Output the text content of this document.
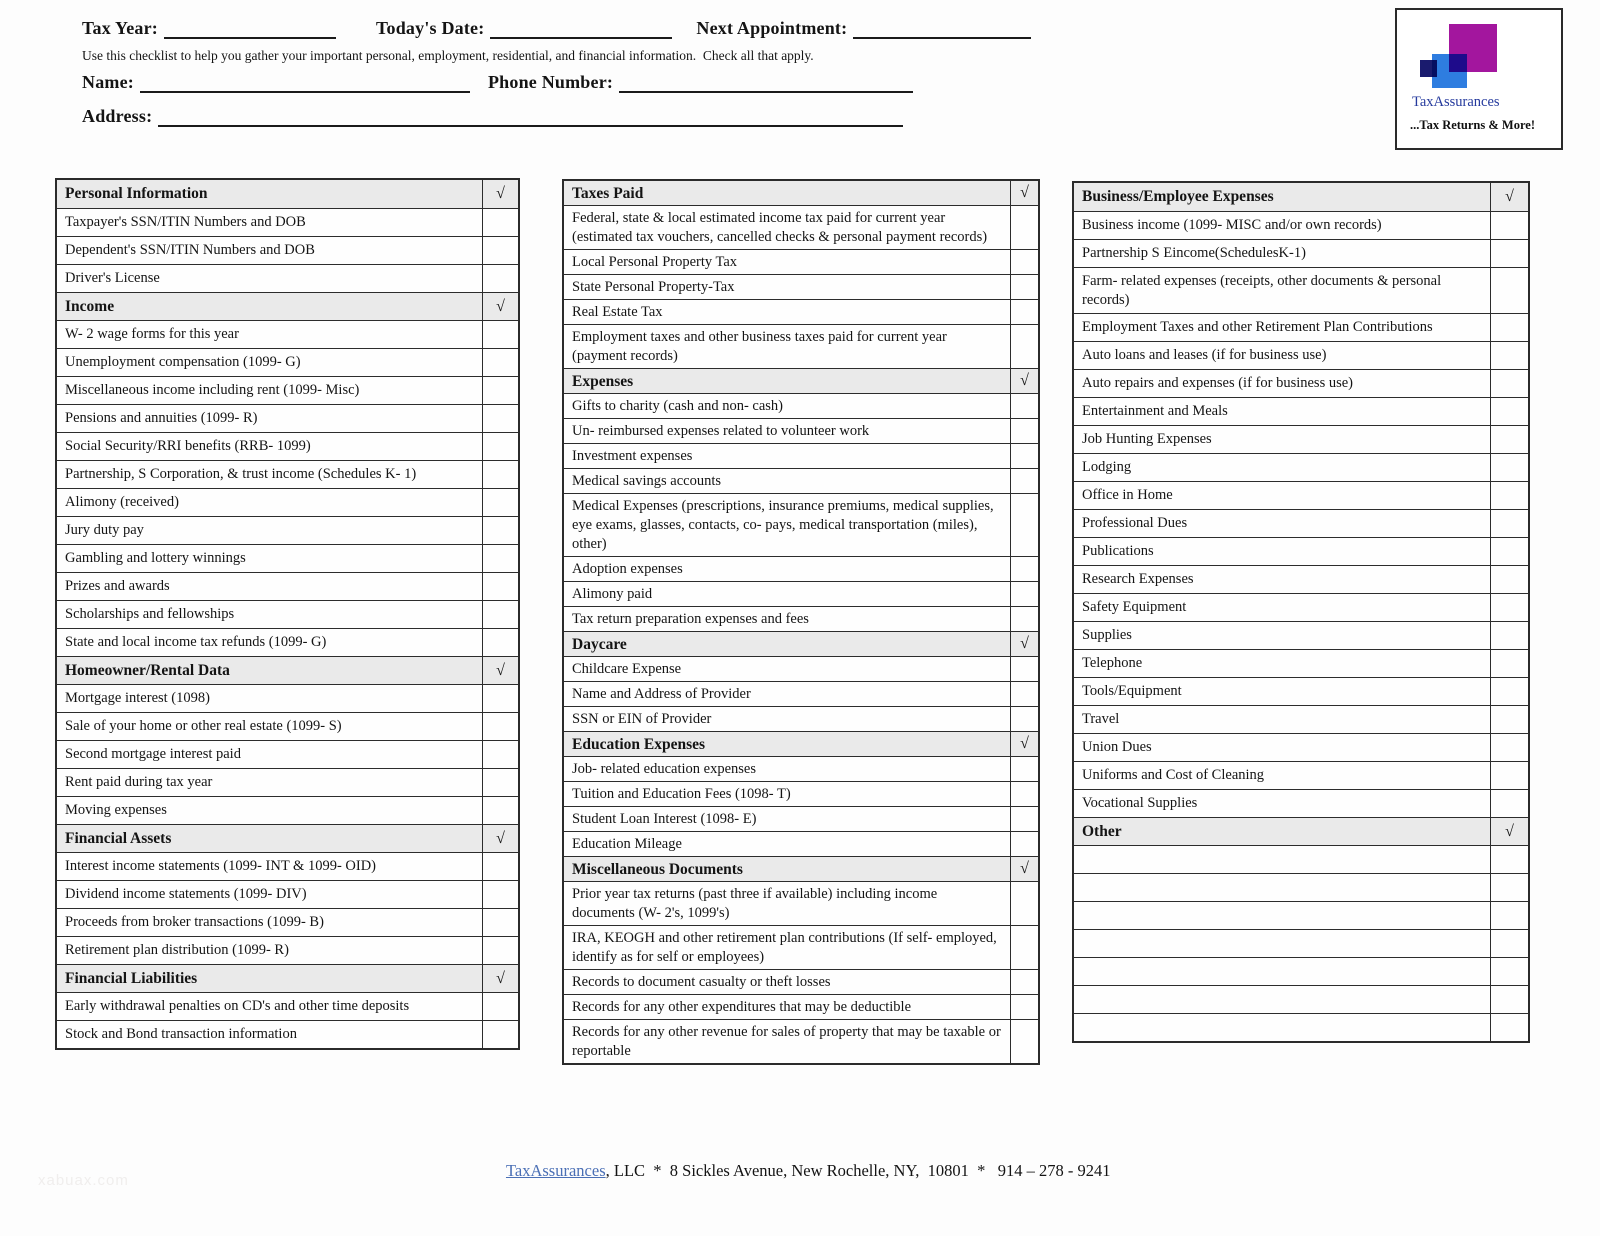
Tax Year:	Today's Date:	Next Appointment:
Use this checklist to help you gather your important personal, employment, residential, and financial information.  Check all that apply.
Name:	Phone Number:
Address:
TaxAssurances
...Tax Returns & More!
Personal Information	√
Taxpayer's SSN/ITIN Numbers and DOB
Dependent's SSN/ITIN Numbers and DOB
Driver's License
Income	√
W- 2 wage forms for this year
Unemployment compensation (1099- G)
Miscellaneous income including rent (1099- Misc)
Pensions and annuities (1099- R)
Social Security/RRI benefits (RRB- 1099)
Partnership, S Corporation, & trust income (Schedules K- 1)
Alimony (received)
Jury duty pay
Gambling and lottery winnings
Prizes and awards
Scholarships and fellowships
State and local income tax refunds (1099- G)
Homeowner/Rental Data	√
Mortgage interest (1098)
Sale of your home or other real estate (1099- S)
Second mortgage interest paid
Rent paid during tax year
Moving expenses
Financial Assets	√
Interest income statements (1099- INT & 1099- OID)
Dividend income statements (1099- DIV)
Proceeds from broker transactions (1099- B)
Retirement plan distribution (1099- R)
Financial Liabilities	√
Early withdrawal penalties on CD's and other time deposits
Stock and Bond transaction information
Taxes Paid	√
Federal, state & local estimated income tax paid for current year (estimated tax vouchers, cancelled checks & personal payment records)
Local Personal Property Tax
State Personal Property-Tax
Real Estate Tax
Employment taxes and other business taxes paid for current year (payment records)
Expenses	√
Gifts to charity (cash and non- cash)
Un- reimbursed expenses related to volunteer work
Investment expenses
Medical savings accounts
Medical Expenses (prescriptions, insurance premiums, medical supplies, eye exams, glasses, contacts, co- pays, medical transportation (miles), other)
Adoption expenses
Alimony paid
Tax return preparation expenses and fees
Daycare	√
Childcare Expense
Name and Address of Provider
SSN or EIN of Provider
Education Expenses	√
Job- related education expenses
Tuition and Education Fees (1098- T)
Student Loan Interest (1098- E)
Education Mileage
Miscellaneous Documents	√
Prior year tax returns (past three if available) including income documents (W- 2's, 1099's)
IRA, KEOGH and other retirement plan contributions (If self- employed, identify as for self or employees)
Records to document casualty or theft losses
Records for any other expenditures that may be deductible
Records for any other revenue for sales of property that may be taxable or reportable
Business/Employee Expenses	√
Business income (1099- MISC and/or own records)
Partnership S Eincome(SchedulesK-1)
Farm- related expenses (receipts, other documents & personal records)
Employment Taxes and other Retirement Plan Contributions
Auto loans and leases (if for business use)
Auto repairs and expenses (if for business use)
Entertainment and Meals
Job Hunting Expenses
Lodging
Office in Home
Professional Dues
Publications
Research Expenses
Safety Equipment
Supplies
Telephone
Tools/Equipment
Travel
Union Dues
Uniforms and Cost of Cleaning
Vocational Supplies
Other	√

TaxAssurances, LLC  *  8 Sickles Avenue, New Rochelle, NY,  10801  *   914 – 278 - 9241

xabuax.com
